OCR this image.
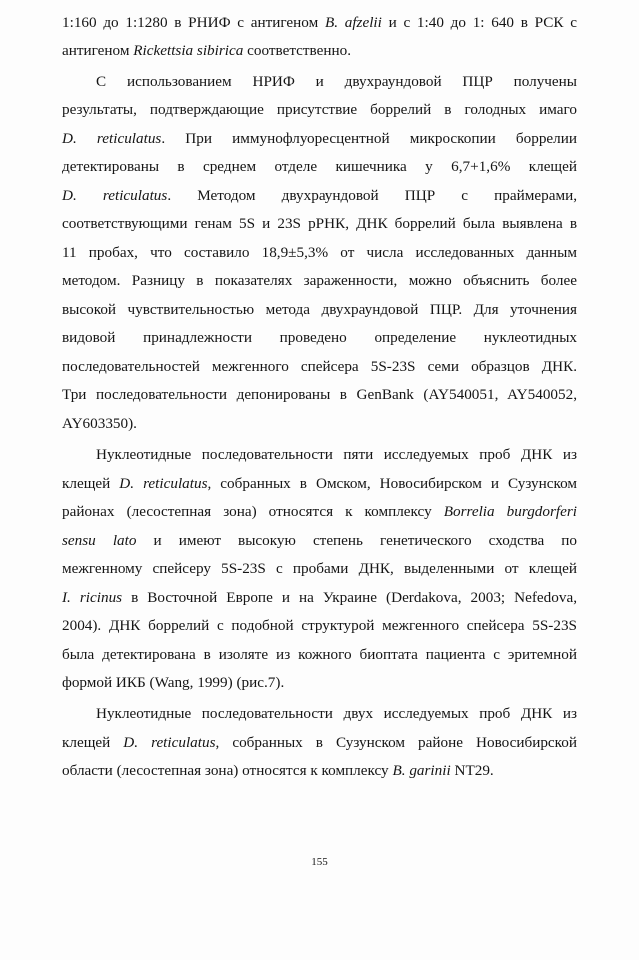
1:160 до 1:1280 в РНИФ с антигеном B. afzelii и с 1:40 до 1: 640 в РСК с
антигеном Rickettsia sibirica соответственно.
С использованием НРИФ и двухраундовой ПЦР получены
результаты, подтверждающие присутствие боррелий в голодных имаго
D. reticulatus. При иммунофлуоресцентной микроскопии боррелии
детектированы в среднем отделе кишечника у 6,7+1,6% клещей
D. reticulatus. Методом двухраундовой ПЦР с праймерами,
соответствующими генам 5S и 23S рРНК, ДНК боррелий была выявлена в
11 пробах, что составило 18,9±5,3% от числа исследованных данным
методом. Разницу в показателях зараженности, можно объяснить более
высокой чувствительностью метода двухраундовой ПЦР. Для уточнения
видовой принадлежности проведено определение нуклеотидных
последовательностей межгенного спейсера 5S-23S семи образцов ДНК.
Три последовательности депонированы в GenBank (AY540051, AY540052,
AY603350).
Нуклеотидные последовательности пяти исследуемых проб ДНК из
клещей D. reticulatus, собранных в Омском, Новосибирском и Сузунском
районах (лесостепная зона) относятся к комплексу Borrelia burgdorferi
sensu lato и имеют высокую степень генетического сходства по
межгенному спейсеру 5S-23S с пробами ДНК, выделенными от клещей
I. ricinus в Восточной Европе и на Украине (Derdakova, 2003; Nefedova,
2004). ДНК боррелий с подобной структурой межгенного спейсера 5S-23S
была детектирована в изоляте из кожного биоптата пациента с эритемной
формой ИКБ (Wang, 1999) (рис.7).
Нуклеотидные последовательности двух исследуемых проб ДНК из
клещей D. reticulatus, собранных в Сузунском районе Новосибирской
области (лесостепная зона) относятся к комплексу B. garinii NT29.
155
